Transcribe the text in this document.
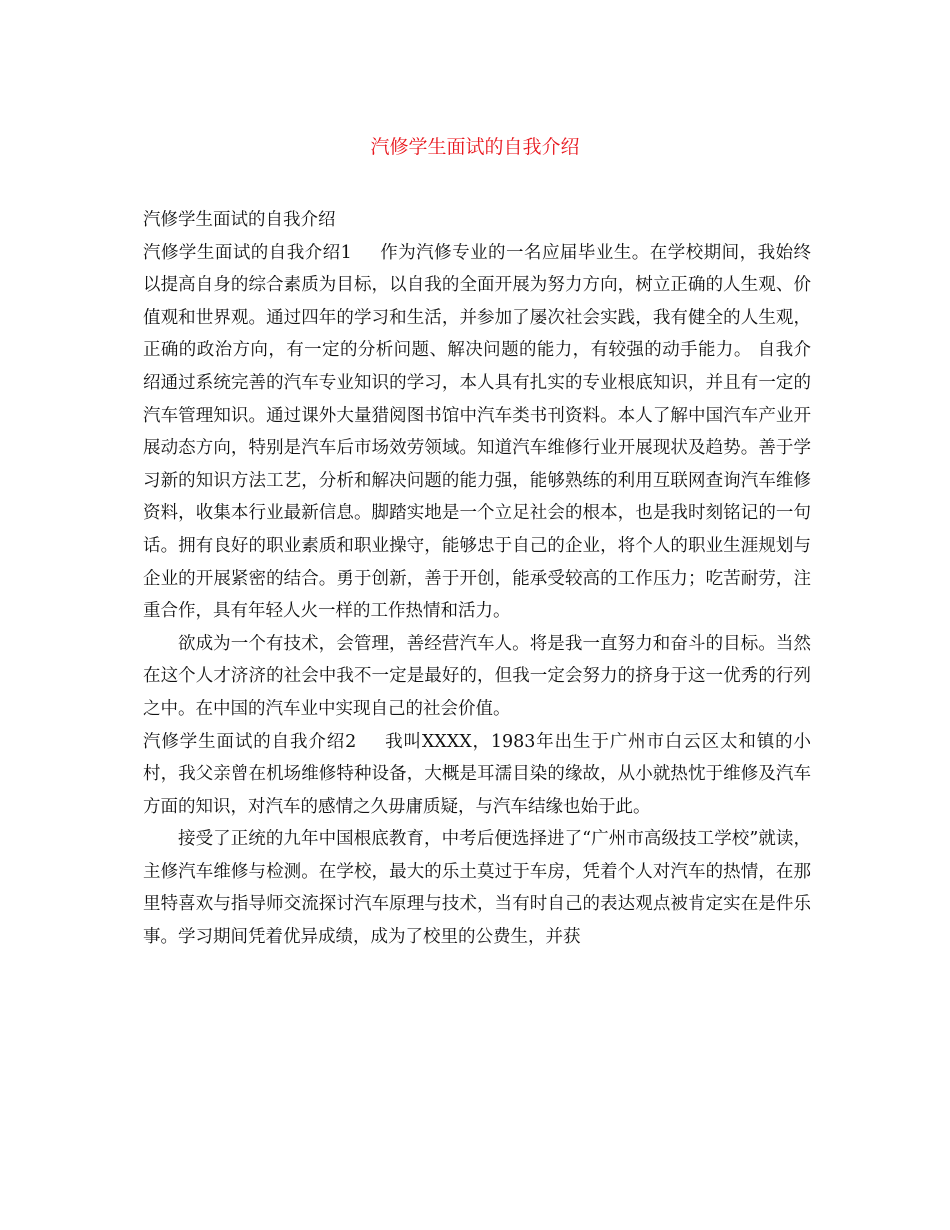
汽修学生面试的自我介绍

汽修学生面试的自我介绍

汽修学生面试的自我介绍1 作为汽修专业的一名应届毕业生。在学校期间，我始终以提高自身的综合素质为目标，以自我的全面开展为努力方向，树立正确的人生观、价值观和世界观。通过四年的学习和生活，并参加了屡次社会实践，我有健全的人生观，正确的政治方向，有一定的分析问题、解决问题的能力，有较强的动手能力。 自我介绍通过系统完善的汽车专业知识的学习，本人具有扎实的专业根底知识，并且有一定的汽车管理知识。通过课外大量猎阅图书馆中汽车类书刊资料。本人了解中国汽车产业开展动态方向，特别是汽车后市场效劳领域。知道汽车维修行业开展现状及趋势。善于学习新的知识方法工艺，分析和解决问题的能力强，能够熟练的利用互联网查询汽车维修资料，收集本行业最新信息。脚踏实地是一个立足社会的根本，也是我时刻铭记的一句话。拥有良好的职业素质和职业操守，能够忠于自己的企业，将个人的职业生涯规划与企业的开展紧密的结合。勇于创新，善于开创，能承受较高的工作压力；吃苦耐劳，注重合作，具有年轻人火一样的工作热情和活力。

欲成为一个有技术，会管理，善经营汽车人。将是我一直努力和奋斗的目标。当然在这个人才济济的社会中我不一定是最好的，但我一定会努力的挤身于这一优秀的行列之中。在中国的汽车业中实现自己的社会价值。

汽修学生面试的自我介绍2 我叫XXXX，1983年出生于广州市白云区太和镇的小村，我父亲曾在机场维修特种设备，大概是耳濡目染的缘故，从小就热忱于维修及汽车方面的知识，对汽车的感情之久毋庸质疑，与汽车结缘也始于此。

接受了正统的九年中国根底教育，中考后便选择进了“广州市高级技工学校”就读，主修汽车维修与检测。在学校，最大的乐土莫过于车房，凭着个人对汽车的热情，在那里特喜欢与指导师交流探讨汽车原理与技术，当有时自己的表达观点被肯定实在是件乐事。学习期间凭着优异成绩，成为了校里的公费生，并获
